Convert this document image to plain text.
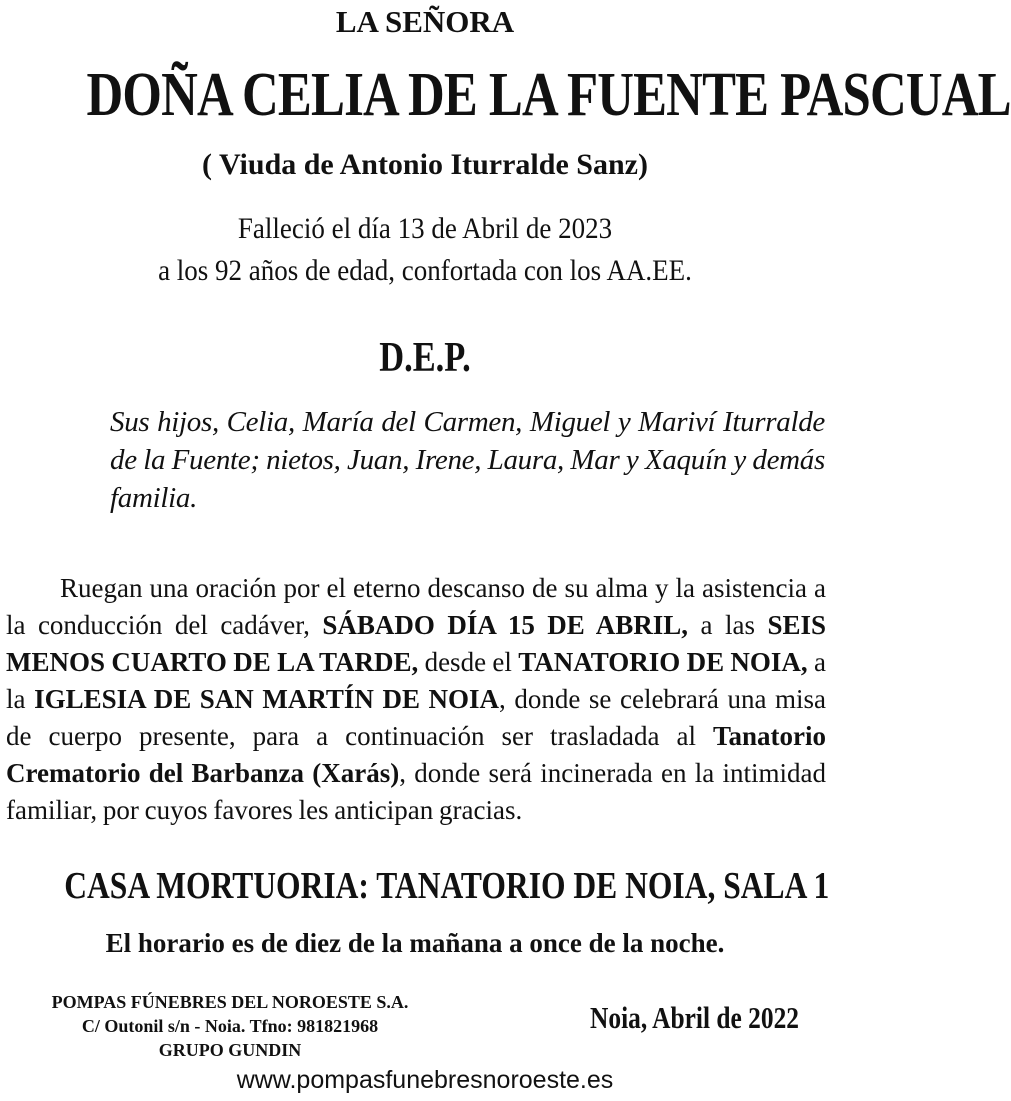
LA SEÑORA
DOÑA CELIA DE LA FUENTE PASCUAL
( Viuda de Antonio Iturralde Sanz)
Falleció el día 13 de Abril de 2023
a los 92 años de edad, confortada con los AA.EE.
D.E.P.
Sus hijos, Celia, María del Carmen, Miguel y Mariví Iturralde de la Fuente; nietos, Juan, Irene, Laura, Mar y Xaquín y demás familia.
Ruegan una oración por el eterno descanso de su alma y la asistencia a la conducción del cadáver, SÁBADO DÍA 15 DE ABRIL, a las SEIS MENOS CUARTO DE LA TARDE, desde el TANATORIO DE NOIA, a la IGLESIA DE SAN MARTÍN DE NOIA, donde se celebrará una misa de cuerpo presente, para a continuación ser trasladada al Tanatorio Crematorio del Barbanza (Xarás), donde será incinerada en la intimidad familiar, por cuyos favores les anticipan gracias.
CASA MORTUORIA: TANATORIO DE NOIA, SALA 1
El horario es de diez de la mañana a once de la noche.
POMPAS FÚNEBRES DEL NOROESTE S.A.
C/ Outonil s/n - Noia. Tfno: 981821968
GRUPO GUNDIN
Noia, Abril de 2022
www.pompasfunebresnoroeste.es
